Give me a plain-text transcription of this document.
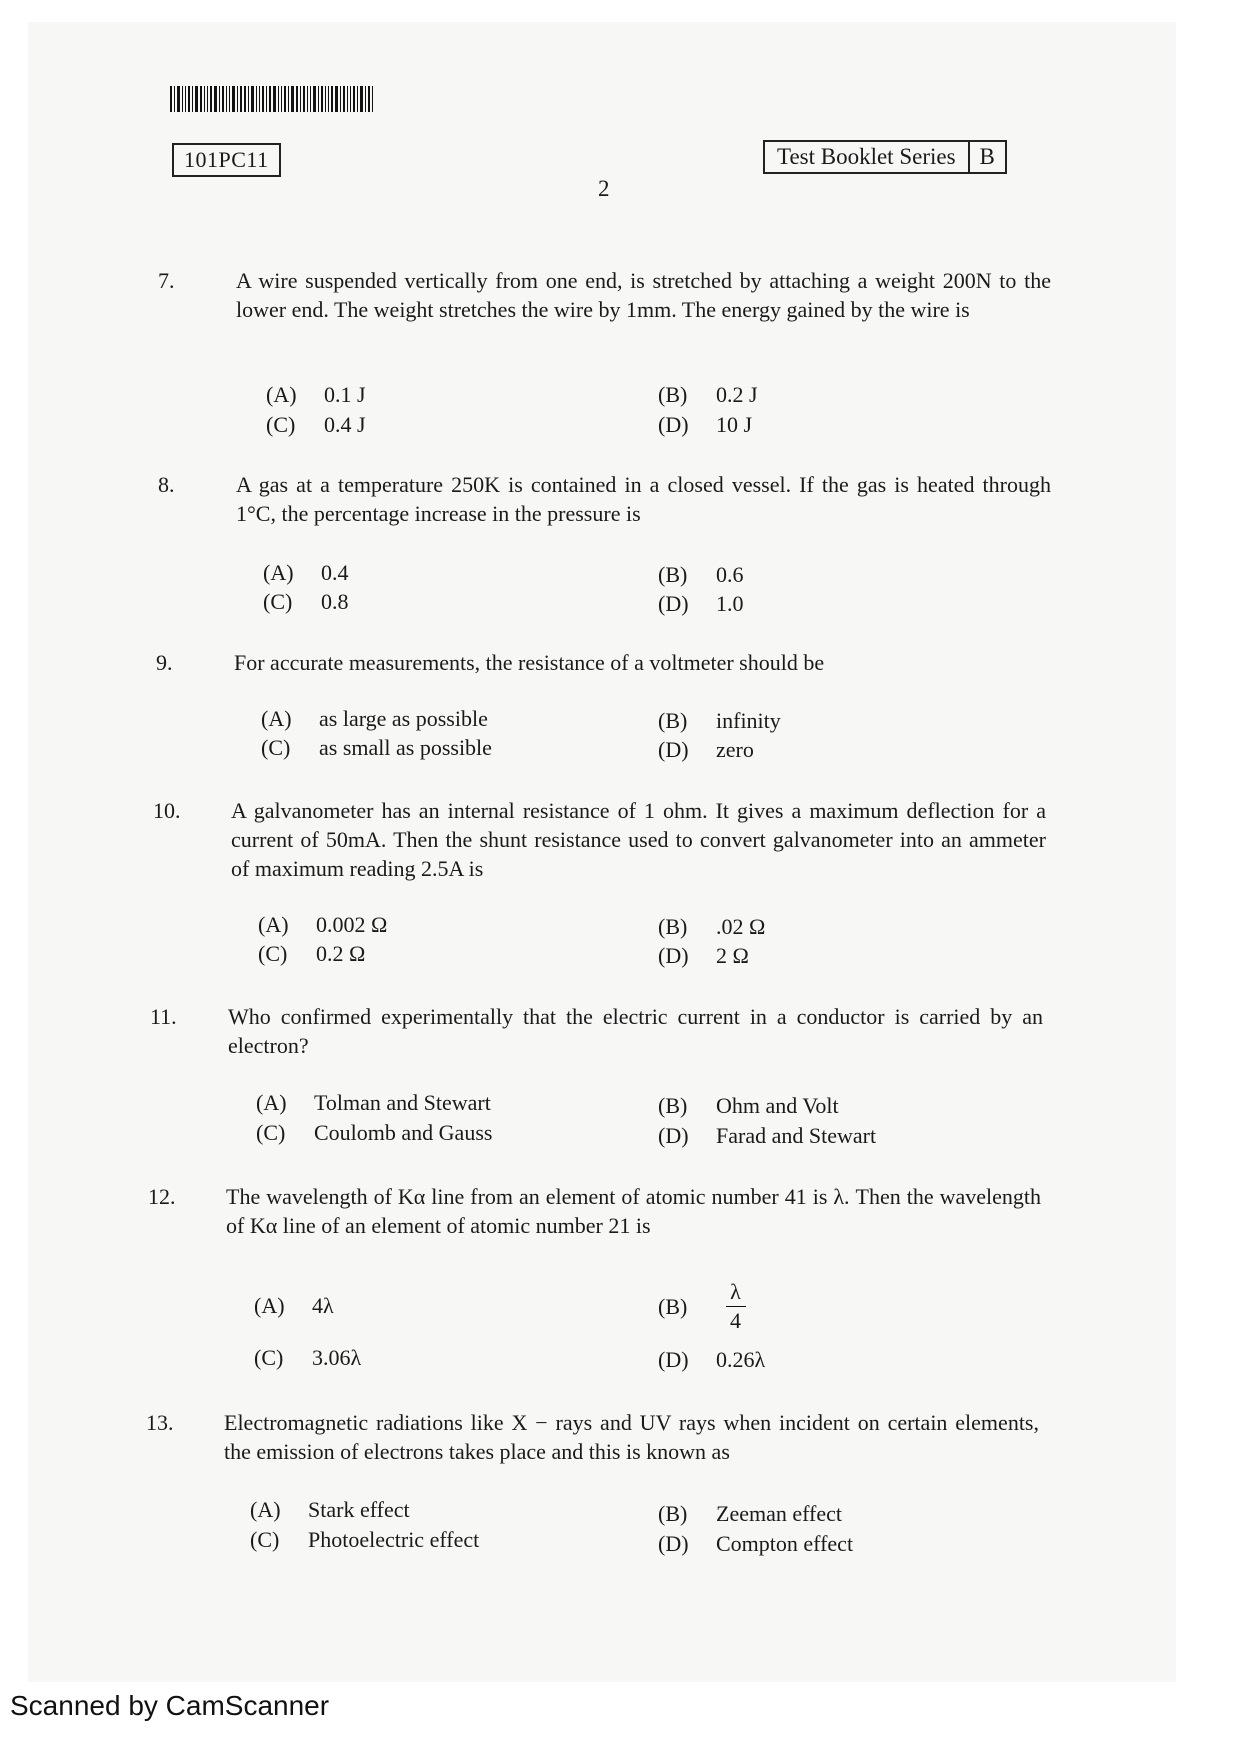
101PC11	Test Booklet Series	B
2
7.	A wire suspended vertically from one end, is stretched by attaching a weight 200N to the lower end. The weight stretches the wire by 1mm. The energy gained by the wire is
(A) 0.1 J	(B) 0.2 J
(C) 0.4 J	(D) 10 J
8.	A gas at a temperature 250K is contained in a closed vessel. If the gas is heated through 1°C, the percentage increase in the pressure is
(A) 0.4	(B) 0.6
(C) 0.8	(D) 1.0
9.	For accurate measurements, the resistance of a voltmeter should be
(A) as large as possible	(B) infinity
(C) as small as possible	(D) zero
10. A galvanometer has an internal resistance of 1 ohm. It gives a maximum deflection for a current of 50mA. Then the shunt resistance used to convert galvanometer into an ammeter of maximum reading 2.5A is
(A) 0.002 Ω	(B) .02 Ω
(C) 0.2 Ω	(D) 2 Ω
11. Who confirmed experimentally that the electric current in a conductor is carried by an electron?
(A) Tolman and Stewart	(B) Ohm and Volt
(C) Coulomb and Gauss	(D) Farad and Stewart
12. The wavelength of Kα line from an element of atomic number 41 is λ. Then the wavelength of Kα line of an element of atomic number 21 is
(A) 4λ	$(B) \frac{\lambda}{4}$
(C) 3.06λ	(D) 0.26λ
13. Electromagnetic radiations like X − rays and UV rays when incident on certain elements, the emission of electrons takes place and this is known as
(A) Stark effect	(B) Zeeman effect
(C) Photoelectric effect	(D) Compton effect
Scanned by CamScanner
